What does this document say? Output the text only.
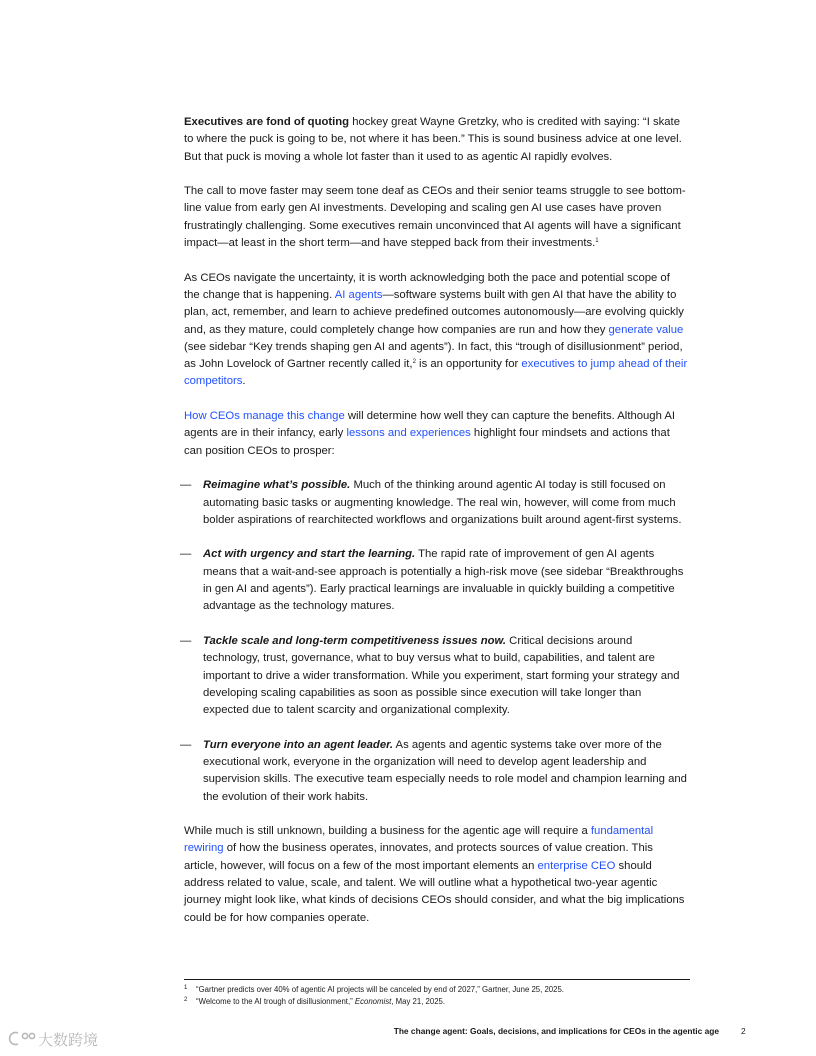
Executives are fond of quoting hockey great Wayne Gretzky, who is credited with saying: “I skate to where the puck is going to be, not where it has been.” This is sound business advice at one level. But that puck is moving a whole lot faster than it used to as agentic AI rapidly evolves.

The call to move faster may seem tone deaf as CEOs and their senior teams struggle to see bottom-line value from early gen AI investments. Developing and scaling gen AI use cases have proven frustratingly challenging. Some executives remain unconvinced that AI agents will have a significant impact—at least in the short term—and have stepped back from their investments.$^1$

As CEOs navigate the uncertainty, it is worth acknowledging both the pace and potential scope of the change that is happening. AI agents—software systems built with gen AI that have the ability to plan, act, remember, and learn to achieve predefined outcomes autonomously—are evolving quickly and, as they mature, could completely change how companies are run and how they generate value (see sidebar “Key trends shaping gen AI and agents”). In fact, this “trough of disillusionment” period, as John Lovelock of Gartner recently called it,$^2$ is an opportunity for executives to jump ahead of their competitors.

How CEOs manage this change will determine how well they can capture the benefits. Although AI agents are in their infancy, early lessons and experiences highlight four mindsets and actions that can position CEOs to prosper:

— Reimagine what’s possible. Much of the thinking around agentic AI today is still focused on automating basic tasks or augmenting knowledge. The real win, however, will come from much bolder aspirations of rearchitected workflows and organizations built around agent-first systems.
— Act with urgency and start the learning. The rapid rate of improvement of gen AI agents means that a wait-and-see approach is potentially a high-risk move (see sidebar “Breakthroughs in gen AI and agents”). Early practical learnings are invaluable in quickly building a competitive advantage as the technology matures.
— Tackle scale and long-term competitiveness issues now. Critical decisions around technology, trust, governance, what to buy versus what to build, capabilities, and talent are important to drive a wider transformation. While you experiment, start forming your strategy and developing scaling capabilities as soon as possible since execution will take longer than expected due to talent scarcity and organizational complexity.
— Turn everyone into an agent leader. As agents and agentic systems take over more of the executional work, everyone in the organization will need to develop agent leadership and supervision skills. The executive team especially needs to role model and champion learning and the evolution of their work habits.

While much is still unknown, building a business for the agentic age will require a fundamental rewiring of how the business operates, innovates, and protects sources of value creation. This article, however, will focus on a few of the most important elements an enterprise CEO should address related to value, scale, and talent. We will outline what a hypothetical two-year agentic journey might look like, what kinds of decisions CEOs should consider, and what the big implications could be for how companies operate.

1 “Gartner predicts over 40% of agentic AI projects will be canceled by end of 2027,” Gartner, June 25, 2025.
2 “Welcome to the AI trough of disillusionment,” Economist, May 21, 2025.
The change agent: Goals, decisions, and implications for CEOs in the agentic age	2
大数跨境
